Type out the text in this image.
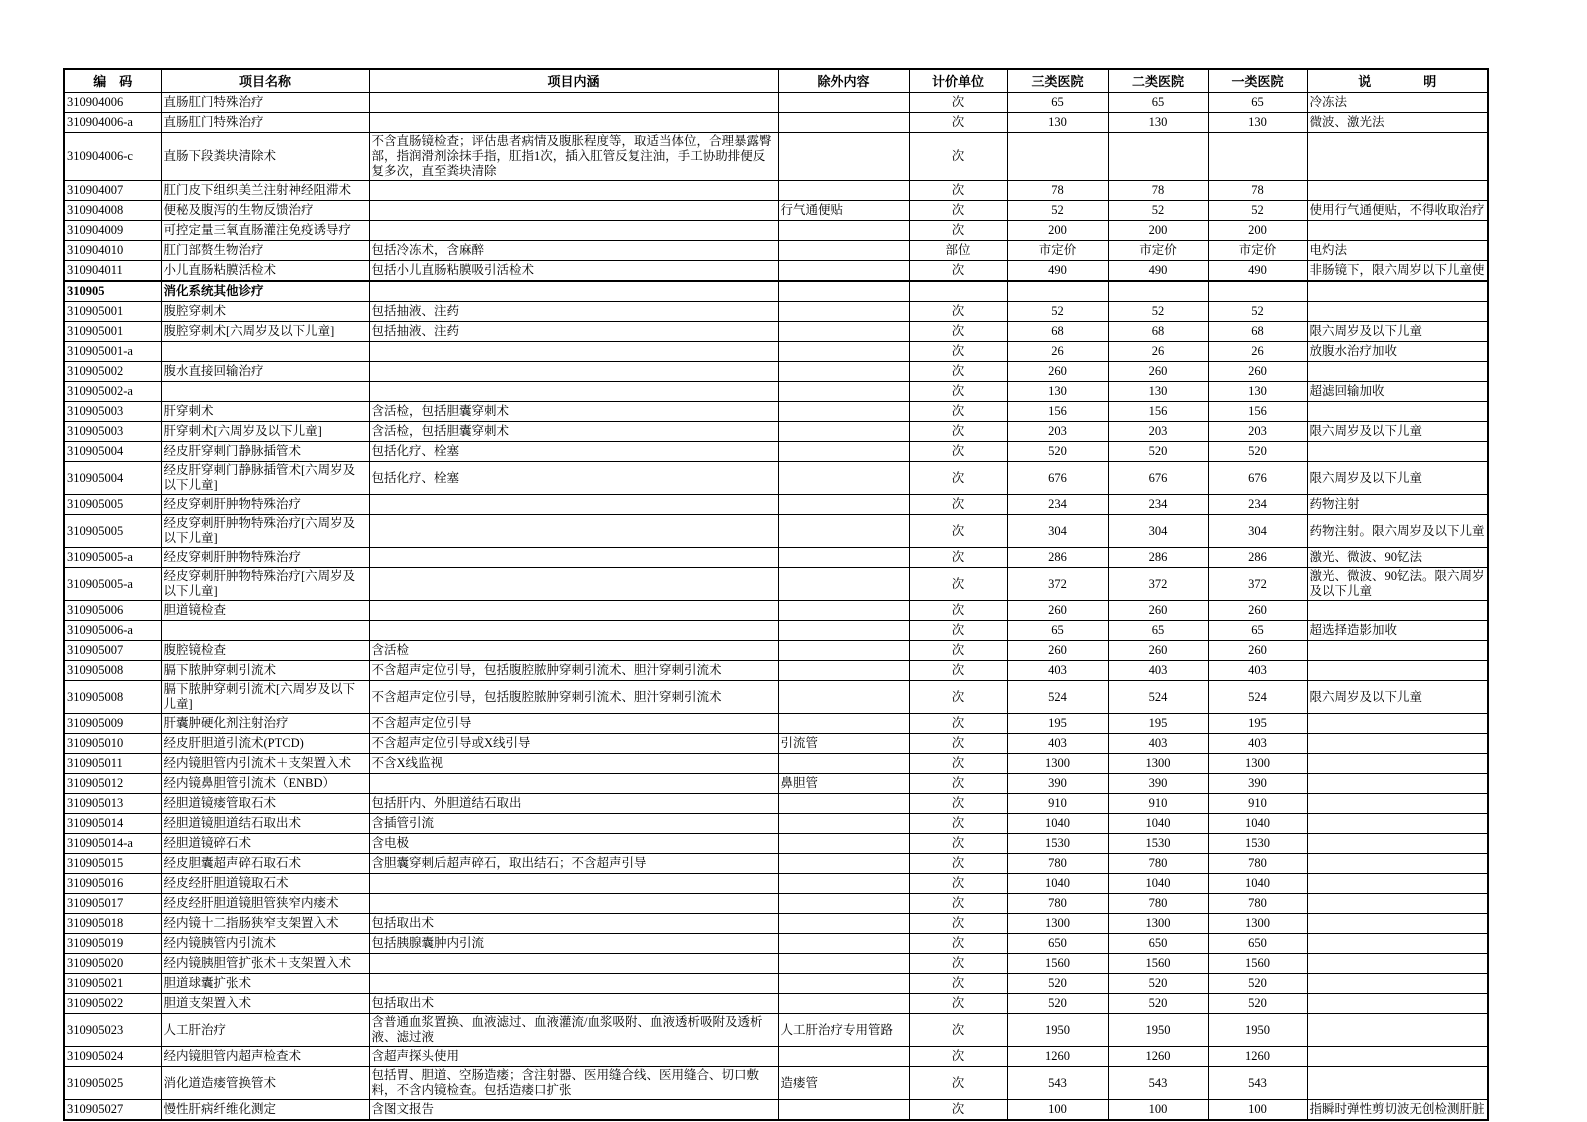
编　码	项目名称	项目内涵	除外内容	计价单位	三类医院	二类医院	一类医院	说　　　　明
310904006	直肠肛门特殊治疗			次	65	65	65	冷冻法
310904006-a	直肠肛门特殊治疗			次	130	130	130	微波、激光法
310904006-c	直肠下段粪块清除术	不含直肠镜检查；评估患者病情及腹胀程度等，取适当体位，合理暴露臀部，指润滑剂涂抹手指，肛指1次，插入肛管反复注油，手工协助排便反复多次，直至粪块清除		次				
310904007	肛门皮下组织美兰注射神经阻滞术			次	78	78	78	
310904008	便秘及腹泻的生物反馈治疗		行气通便贴	次	52	52	52	使用行气通便贴，不得收取治疗
310904009	可控定量三氧直肠灌注免疫诱导疗			次	200	200	200	
310904010	肛门部赘生物治疗	包括冷冻术，含麻醉		部位	市定价	市定价	市定价	电灼法
310904011	小儿直肠粘膜活检术	包括小儿直肠粘膜吸引活检术		次	490	490	490	非肠镜下，限六周岁以下儿童使
310905	消化系统其他诊疗							
310905001	腹腔穿刺术	包括抽液、注药		次	52	52	52	
310905001	腹腔穿刺术[六周岁及以下儿童]	包括抽液、注药		次	68	68	68	限六周岁及以下儿童
310905001-a				次	26	26	26	放腹水治疗加收
310905002	腹水直接回输治疗			次	260	260	260	
310905002-a				次	130	130	130	超滤回输加收
310905003	肝穿刺术	含活检，包括胆囊穿刺术		次	156	156	156	
310905003	肝穿刺术[六周岁及以下儿童]	含活检，包括胆囊穿刺术		次	203	203	203	限六周岁及以下儿童
310905004	经皮肝穿刺门静脉插管术	包括化疗、栓塞		次	520	520	520	
310905004	经皮肝穿刺门静脉插管术[六周岁及以下儿童]	包括化疗、栓塞		次	676	676	676	限六周岁及以下儿童
310905005	经皮穿刺肝肿物特殊治疗			次	234	234	234	药物注射
310905005	经皮穿刺肝肿物特殊治疗[六周岁及以下儿童]			次	304	304	304	药物注射。限六周岁及以下儿童
310905005-a	经皮穿刺肝肿物特殊治疗			次	286	286	286	激光、微波、90钇法
310905005-a	经皮穿刺肝肿物特殊治疗[六周岁及以下儿童]			次	372	372	372	激光、微波、90钇法。限六周岁及以下儿童
310905006	胆道镜检查			次	260	260	260	
310905006-a				次	65	65	65	超选择造影加收
310905007	腹腔镜检查	含活检		次	260	260	260	
310905008	膈下脓肿穿刺引流术	不含超声定位引导，包括腹腔脓肿穿刺引流术、胆汁穿刺引流术		次	403	403	403	
310905008	膈下脓肿穿刺引流术[六周岁及以下儿童]	不含超声定位引导，包括腹腔脓肿穿刺引流术、胆汁穿刺引流术		次	524	524	524	限六周岁及以下儿童
310905009	肝囊肿硬化剂注射治疗	不含超声定位引导		次	195	195	195	
310905010	经皮肝胆道引流术(PTCD)	不含超声定位引导或X线引导	引流管	次	403	403	403	
310905011	经内镜胆管内引流术＋支架置入术	不含X线监视		次	1300	1300	1300	
310905012	经内镜鼻胆管引流术（ENBD）		鼻胆管	次	390	390	390	
310905013	经胆道镜瘘管取石术	包括肝内、外胆道结石取出		次	910	910	910	
310905014	经胆道镜胆道结石取出术	含插管引流		次	1040	1040	1040	
310905014-a	经胆道镜碎石术	含电极		次	1530	1530	1530	
310905015	经皮胆囊超声碎石取石术	含胆囊穿刺后超声碎石，取出结石；不含超声引导		次	780	780	780	
310905016	经皮经肝胆道镜取石术			次	1040	1040	1040	
310905017	经皮经肝胆道镜胆管狭窄内瘘术			次	780	780	780	
310905018	经内镜十二指肠狭窄支架置入术	包括取出术		次	1300	1300	1300	
310905019	经内镜胰管内引流术	包括胰腺囊肿内引流		次	650	650	650	
310905020	经内镜胰胆管扩张术＋支架置入术			次	1560	1560	1560	
310905021	胆道球囊扩张术			次	520	520	520	
310905022	胆道支架置入术	包括取出术		次	520	520	520	
310905023	人工肝治疗	含普通血浆置换、血液滤过、血液灌流/血浆吸附、血液透析吸附及透析液、滤过液	人工肝治疗专用管路	次	1950	1950	1950	
310905024	经内镜胆管内超声检查术	含超声探头使用		次	1260	1260	1260	
310905025	消化道造瘘管换管术	包括胃、胆道、空肠造瘘；含注射器、医用缝合线、医用缝合、切口敷料，不含内镜检查。包括造瘘口扩张	造瘘管	次	543	543	543	
310905027	慢性肝病纤维化测定	含图文报告		次	100	100	100	指瞬时弹性剪切波无创检测肝脏
